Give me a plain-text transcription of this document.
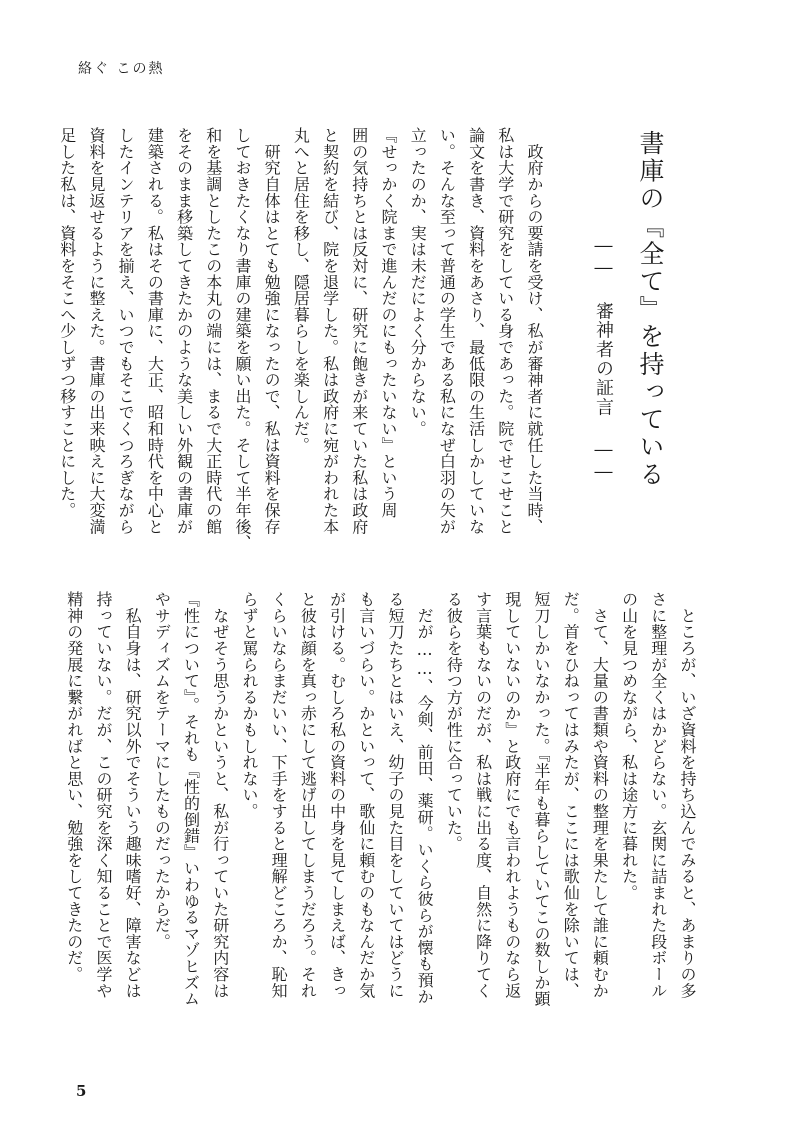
絡ぐ この熱
書庫の『全て』を持っている
―― 審神者の証言 ――
　政府からの要請を受け、私が審神者に就任した当時、
私は大学で研究をしている身であった。院でせこせこと
論文を書き、資料をあさり、最低限の生活しかしていな
い。そんな至って普通の学生である私になぜ白羽の矢が
立ったのか、実は未だによく分からない。
『せっかく院まで進んだのにもったいない』という周
囲の気持ちとは反対に、研究に飽きが来ていた私は政府
と契約を結び、院を退学した。私は政府に宛がわれた本
丸へと居住を移し、隠居暮らしを楽しんだ。
　研究自体はとても勉強になったので、私は資料を保存
しておきたくなり書庫の建築を願い出た。そして半年後、
和を基調としたこの本丸の端には、まるで大正時代の館
をそのまま移築してきたかのような美しい外観の書庫が
建築される。私はその書庫に、大正、昭和時代を中心と
したインテリアを揃え、いつでもそこでくつろぎながら
資料を見返せるように整えた。書庫の出来映えに大変満
足した私は、資料をそこへ少しずつ移すことにした。
　ところが、いざ資料を持ち込んでみると、あまりの多
さに整理が全くはかどらない。玄関に詰まれた段ボール
の山を見つめながら、私は途方に暮れた。
　さて、大量の書類や資料の整理を果たして誰に頼むか
だ。首をひねってはみたが、ここには歌仙を除いては、
短刀しかいなかった。『半年も暮らしていてこの数しか顕
現していないのか』と政府にでも言われようものなら返
す言葉もないのだが、私は戦に出る度、自然に降りてく
る彼らを待つ方が性に合っていた。
　だが……、今剣、前田、薬研。いくら彼らが懐も預か
る短刀たちとはいえ、幼子の見た目をしていてはどうに
も言いづらい。かといって、歌仙に頼むのもなんだか気
が引ける。むしろ私の資料の中身を見てしまえば、きっ
と彼は顔を真っ赤にして逃げ出してしまうだろう。それ
くらいならまだいい、下手をすると理解どころか、恥知
らずと罵られるかもしれない。
　なぜそう思うかというと、私が行っていた研究内容は
『性について』。それも『性的倒錯』いわゆるマゾヒズム
やサディズムをテーマにしたものだったからだ。
　私自身は、研究以外でそういう趣味嗜好、障害などは
持っていない。だが、この研究を深く知ることで医学や
精神の発展に繋がればと思い、勉強をしてきたのだ。
5
